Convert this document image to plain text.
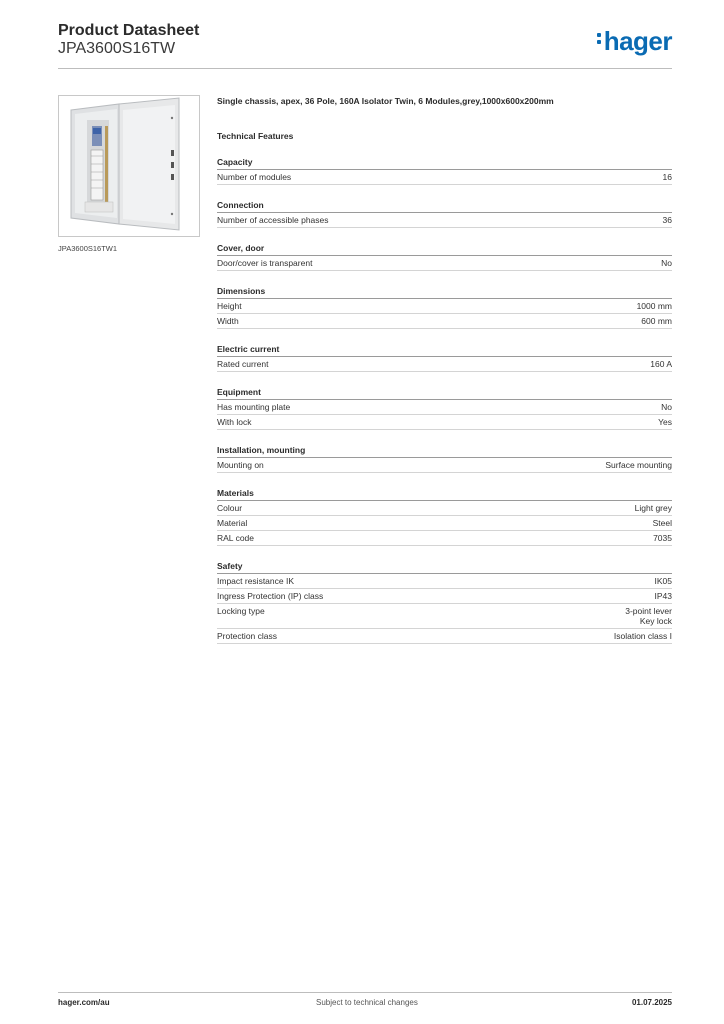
Product Datasheet
JPA3600S16TW	hager
JPA3600S16TW1
Single chassis, apex, 36 Pole, 160A Isolator Twin, 6 Modules,grey,1000x600x200mm
Technical Features
Capacity
Number of modules	16
Connection
Number of accessible phases	36
Cover, door
Door/cover is transparent	No
Dimensions
Height	1000 mm
Width	600 mm
Electric current
Rated current	160 A
Equipment
Has mounting plate	No
With lock	Yes
Installation, mounting
Mounting on	Surface mounting
Materials
Colour	Light grey
Material	Steel
RAL code	7035
Safety
Impact resistance IK	IK05
Ingress Protection (IP) class	IP43
Locking type	3-point lever
Key lock
Protection class	Isolation class I
hager.com/au	Subject to technical changes	01.07.2025
